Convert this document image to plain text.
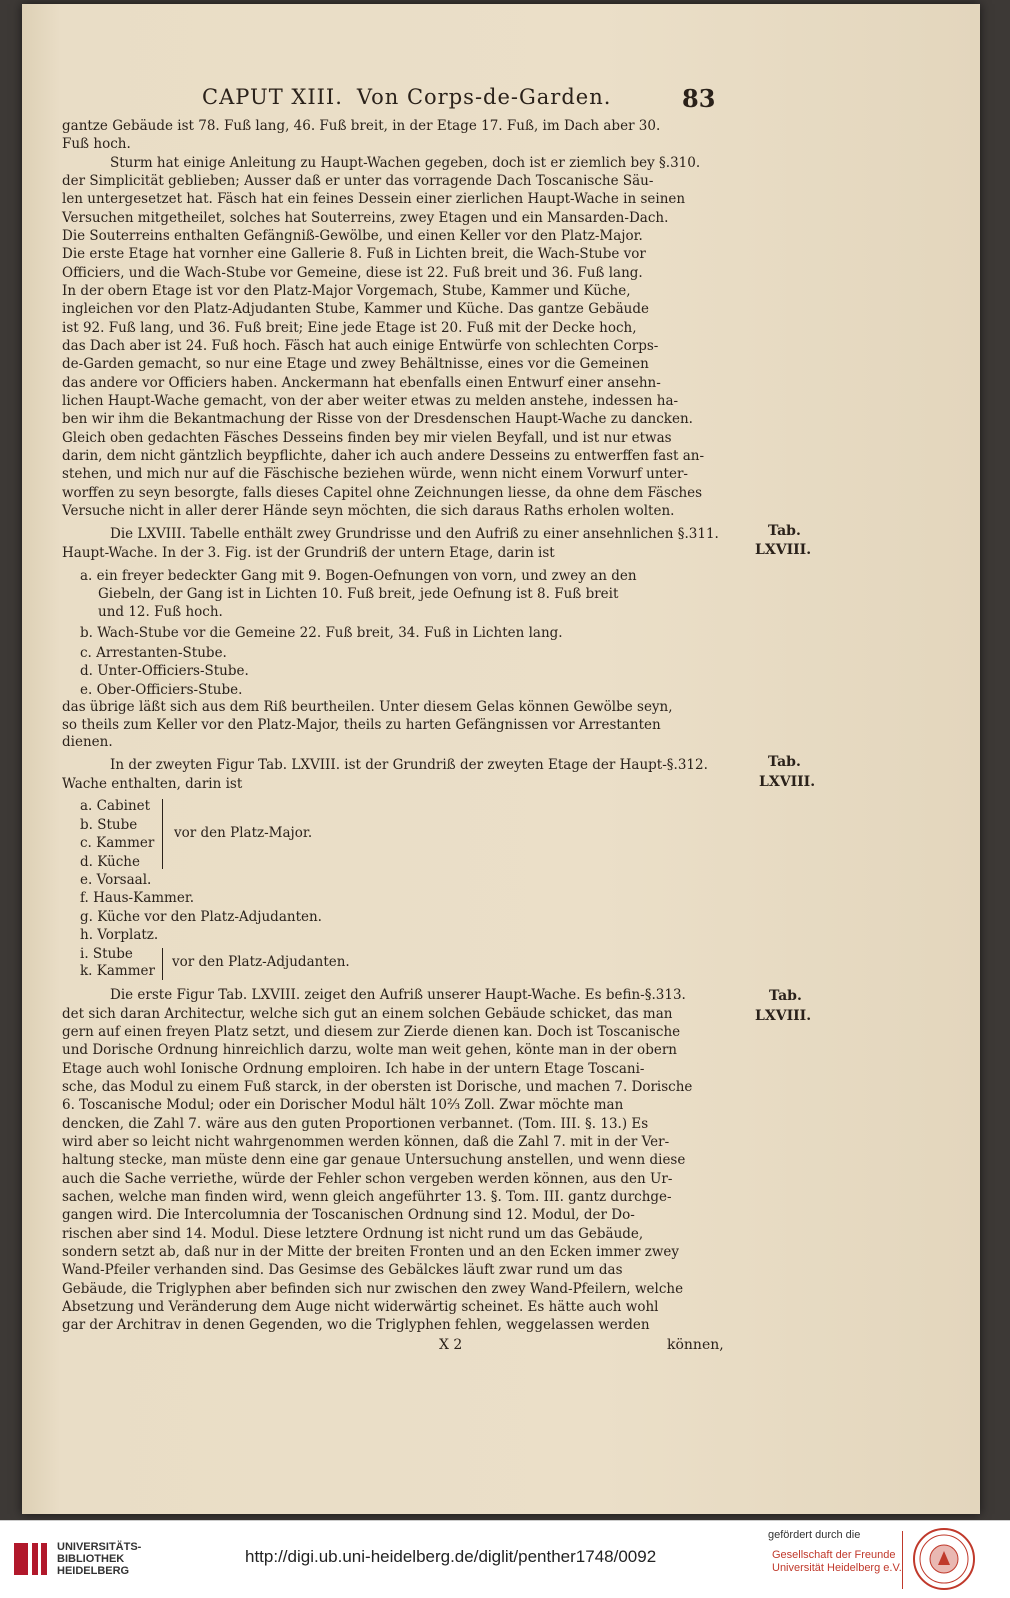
CAPUT XIII. Von Corps-de-Garden.	83
gantze Gebäude ist 78. Fuß lang, 46. Fuß breit, in der Etage 17. Fuß, im Dach aber 30.
Fuß hoch.
Sturm hat einige Anleitung zu Haupt-Wachen gegeben, doch ist er ziemlich bey §.310.
der Simplicität geblieben; Ausser daß er unter das vorragende Dach Toscanische Säu-
len untergesetzet hat. Fäsch hat ein feines Dessein einer zierlichen Haupt-Wache in seinen
Versuchen mitgetheilet, solches hat Souterreins, zwey Etagen und ein Mansarden-Dach.
Die Souterreins enthalten Gefängniß-Gewölbe, und einen Keller vor den Platz-Major.
Die erste Etage hat vornher eine Gallerie 8. Fuß in Lichten breit, die Wach-Stube vor
Officiers, und die Wach-Stube vor Gemeine, diese ist 22. Fuß breit und 36. Fuß lang.
In der obern Etage ist vor den Platz-Major Vorgemach, Stube, Kammer und Küche,
ingleichen vor den Platz-Adjudanten Stube, Kammer und Küche. Das gantze Gebäude
ist 92. Fuß lang, und 36. Fuß breit; Eine jede Etage ist 20. Fuß mit der Decke hoch,
das Dach aber ist 24. Fuß hoch. Fäsch hat auch einige Entwürfe von schlechten Corps-
de-Garden gemacht, so nur eine Etage und zwey Behältnisse, eines vor die Gemeinen
das andere vor Officiers haben. Anckermann hat ebenfalls einen Entwurf einer ansehn-
lichen Haupt-Wache gemacht, von der aber weiter etwas zu melden anstehe, indessen ha-
ben wir ihm die Bekantmachung der Risse von der Dresdenschen Haupt-Wache zu dancken.
Gleich oben gedachten Fäsches Desseins finden bey mir vielen Beyfall, und ist nur etwas
darin, dem nicht gäntzlich beypflichte, daher ich auch andere Desseins zu entwerffen fast an-
stehen, und mich nur auf die Fäschische beziehen würde, wenn nicht einem Vorwurf unter-
worffen zu seyn besorgte, falls dieses Capitel ohne Zeichnungen liesse, da ohne dem Fäsches
Versuche nicht in aller derer Hände seyn möchten, die sich daraus Raths erholen wolten.
Die LXVIII. Tabelle enthält zwey Grundrisse und den Aufriß zu einer ansehnlichen §.311.
Haupt-Wache. In der 3. Fig. ist der Grundriß der untern Etage, darin ist
Tab.
LXVIII.
a. ein freyer bedeckter Gang mit 9. Bogen-Oefnungen von vorn, und zwey an den
Giebeln, der Gang ist in Lichten 10. Fuß breit, jede Oefnung ist 8. Fuß breit
und 12. Fuß hoch.
b. Wach-Stube vor die Gemeine 22. Fuß breit, 34. Fuß in Lichten lang.
c. Arrestanten-Stube.
d. Unter-Officiers-Stube.
e. Ober-Officiers-Stube.
das übrige läßt sich aus dem Riß beurtheilen. Unter diesem Gelas können Gewölbe seyn,
so theils zum Keller vor den Platz-Major, theils zu harten Gefängnissen vor Arrestanten
dienen.
In der zweyten Figur Tab. LXVIII. ist der Grundriß der zweyten Etage der Haupt-§.312.
Wache enthalten, darin ist
Tab.
LXVIII.
a. Cabinet
b. Stube
c. Kammer
d. Küche
vor den Platz-Major.
e. Vorsaal.
f. Haus-Kammer.
g. Küche vor den Platz-Adjudanten.
h. Vorplatz.
i. Stube
k. Kammer
vor den Platz-Adjudanten.
Die erste Figur Tab. LXVIII. zeiget den Aufriß unserer Haupt-Wache. Es befin-§.313.
det sich daran Architectur, welche sich gut an einem solchen Gebäude schicket, das man
gern auf einen freyen Platz setzt, und diesem zur Zierde dienen kan. Doch ist Toscanische
und Dorische Ordnung hinreichlich darzu, wolte man weit gehen, könte man in der obern
Etage auch wohl Ionische Ordnung emploiren. Ich habe in der untern Etage Toscani-
sche, das Modul zu einem Fuß starck, in der obersten ist Dorische, und machen 7. Dorische
6. Toscanische Modul; oder ein Dorischer Modul hält 10⅔ Zoll. Zwar möchte man
dencken, die Zahl 7. wäre aus den guten Proportionen verbannet. (Tom. III. §. 13.) Es
wird aber so leicht nicht wahrgenommen werden können, daß die Zahl 7. mit in der Ver-
haltung stecke, man müste denn eine gar genaue Untersuchung anstellen, und wenn diese
auch die Sache verriethe, würde der Fehler schon vergeben werden können, aus den Ur-
sachen, welche man finden wird, wenn gleich angeführter 13. §. Tom. III. gantz durchge-
gangen wird. Die Intercolumnia der Toscanischen Ordnung sind 12. Modul, der Do-
rischen aber sind 14. Modul. Diese letztere Ordnung ist nicht rund um das Gebäude,
sondern setzt ab, daß nur in der Mitte der breiten Fronten und an den Ecken immer zwey
Wand-Pfeiler verhanden sind. Das Gesimse des Gebälckes läuft zwar rund um das
Gebäude, die Triglyphen aber befinden sich nur zwischen den zwey Wand-Pfeilern, welche
Absetzung und Veränderung dem Auge nicht widerwärtig scheinet. Es hätte auch wohl
gar der Architrav in denen Gegenden, wo die Triglyphen fehlen, weggelassen werden
Tab.
LXVIII.
X 2	können,
UNIVERSITÄTS-
BIBLIOTHEK
HEIDELBERG
http://digi.ub.uni-heidelberg.de/diglit/penther1748/0092
gefördert durch die
Gesellschaft der Freunde
Universität Heidelberg e.V.
